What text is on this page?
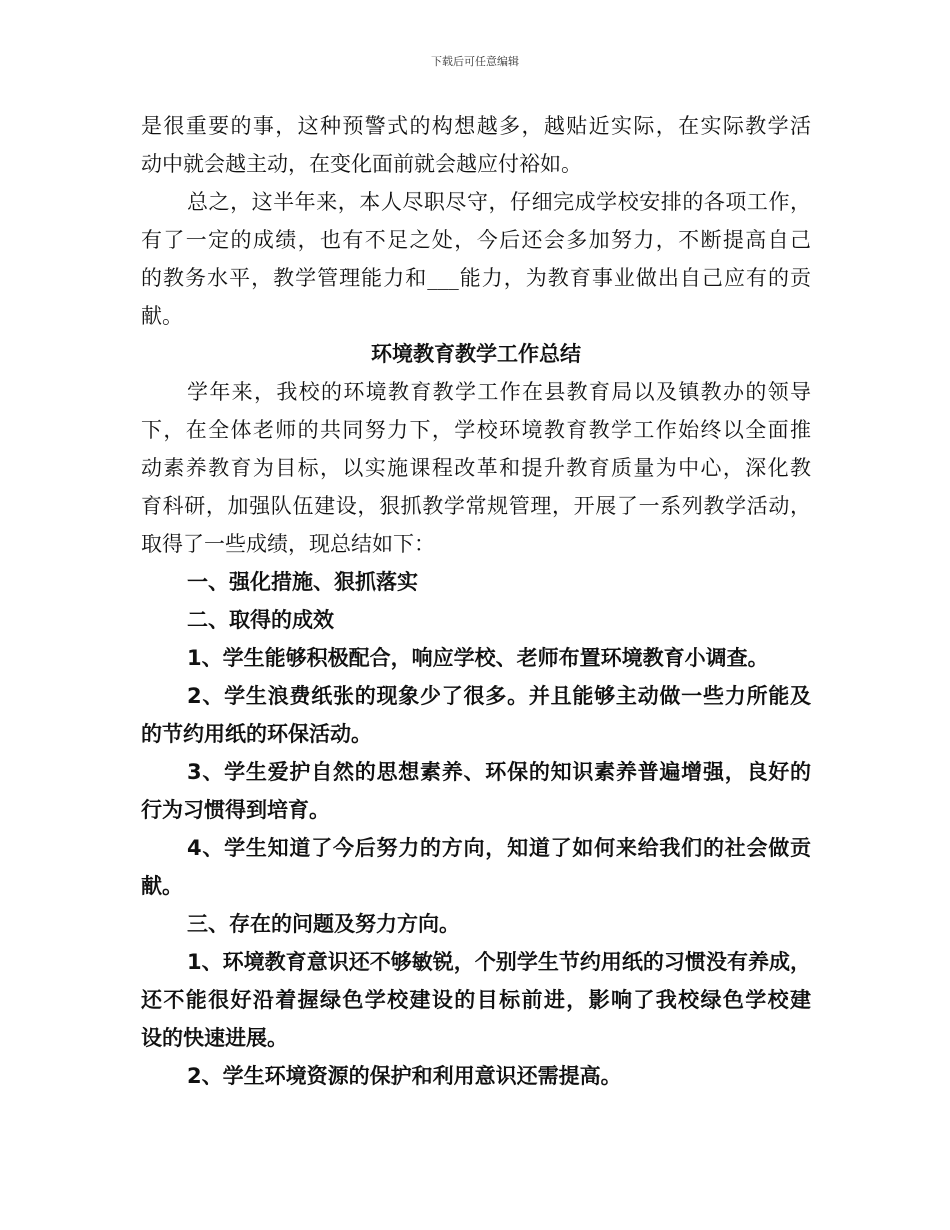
下载后可任意编辑
是很重要的事，这种预警式的构想越多，越贴近实际，在实际教学活
动中就会越主动，在变化面前就会越应付裕如。
总之，这半年来，本人尽职尽守，仔细完成学校安排的各项工作，
有了一定的成绩，也有不足之处，今后还会多加努力，不断提高自己
的教务水平，教学管理能力和___能力，为教育事业做出自己应有的贡
献。
环境教育教学工作总结
学年来，我校的环境教育教学工作在县教育局以及镇教办的领导
下，在全体老师的共同努力下，学校环境教育教学工作始终以全面推
动素养教育为目标，以实施课程改革和提升教育质量为中心，深化教
育科研，加强队伍建设，狠抓教学常规管理，开展了一系列教学活动，
取得了一些成绩，现总结如下：
一、强化措施、狠抓落实
二、取得的成效
1、学生能够积极配合，响应学校、老师布置环境教育小调查。
2、学生浪费纸张的现象少了很多。并且能够主动做一些力所能及
的节约用纸的环保活动。
3、学生爱护自然的思想素养、环保的知识素养普遍增强，良好的
行为习惯得到培育。
4、学生知道了今后努力的方向，知道了如何来给我们的社会做贡
献。
三、存在的问题及努力方向。
1、环境教育意识还不够敏锐，个别学生节约用纸的习惯没有养成，
还不能很好沿着握绿色学校建设的目标前进，影响了我校绿色学校建
设的快速进展。
2、学生环境资源的保护和利用意识还需提高。
